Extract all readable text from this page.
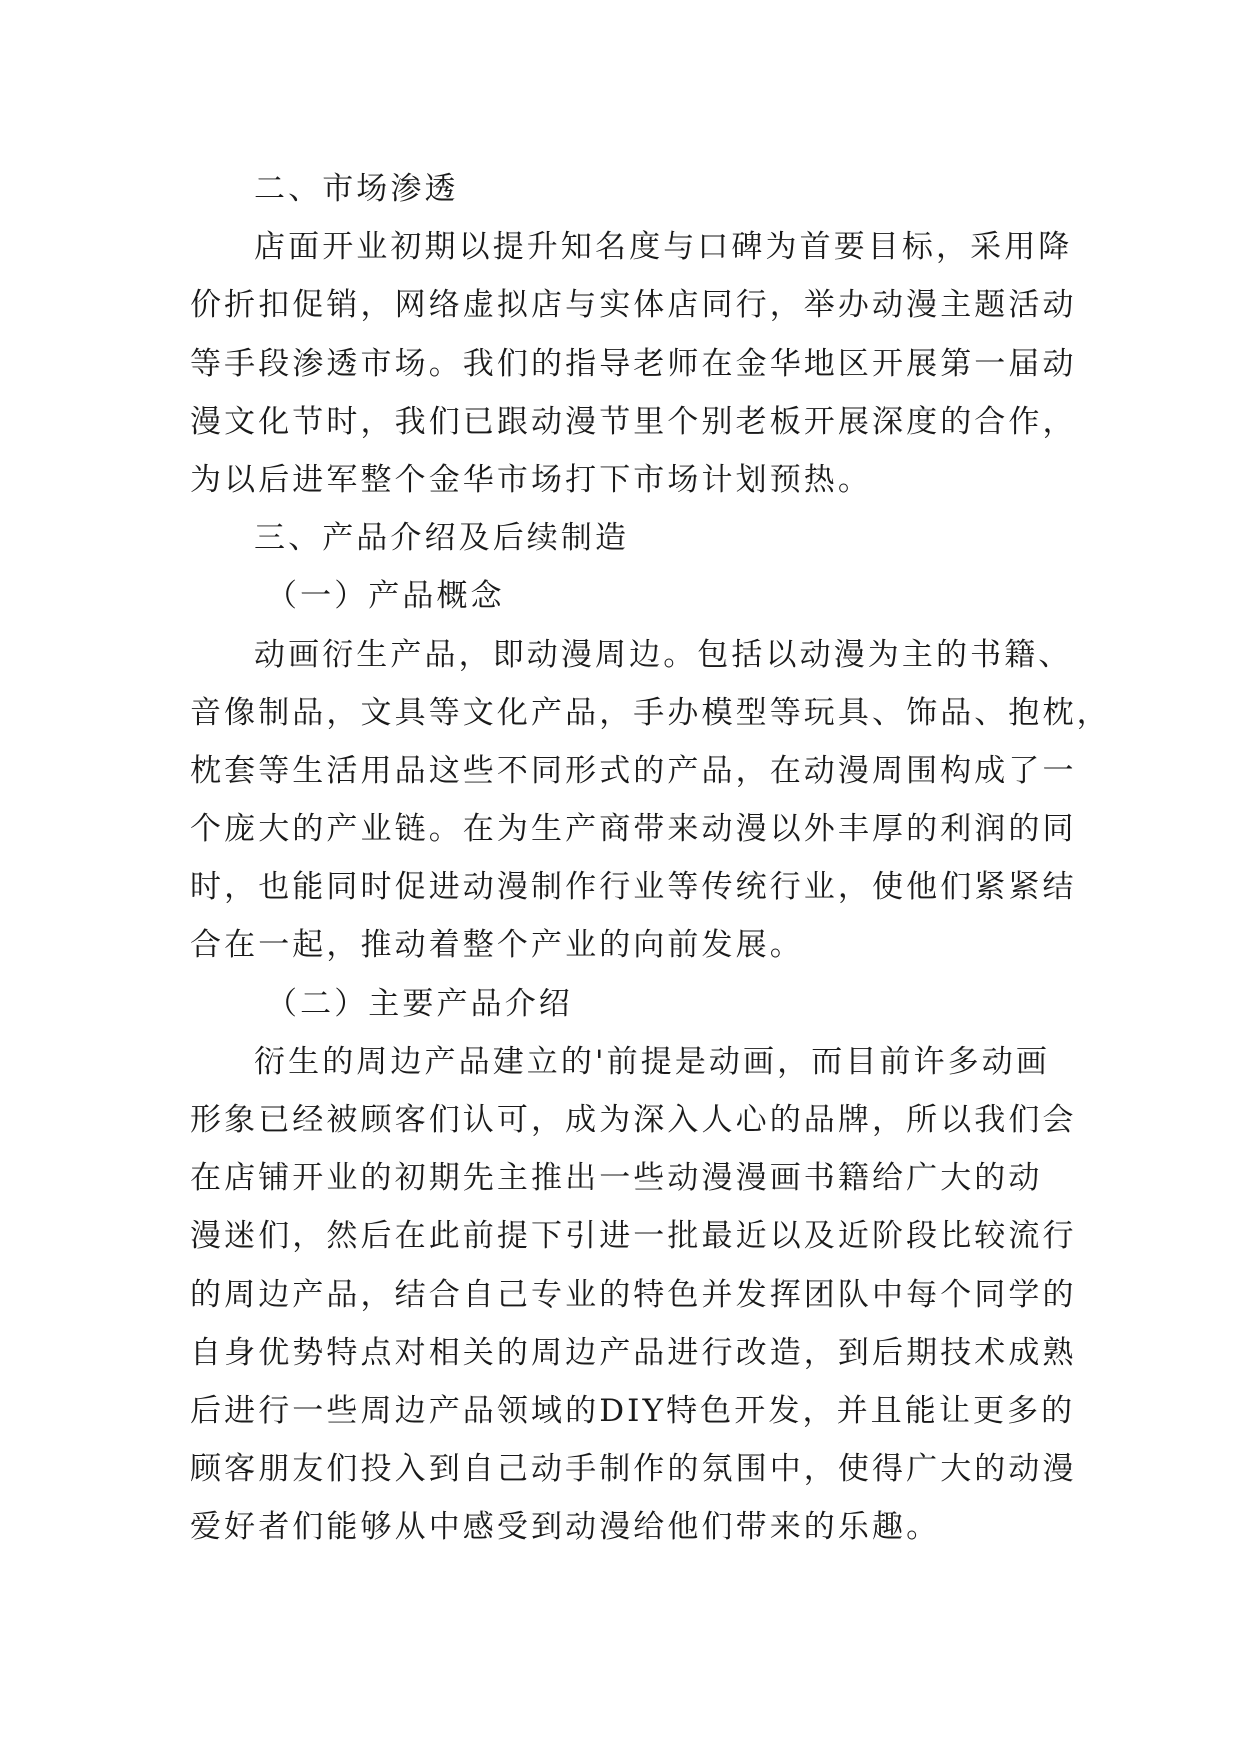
二、市场渗透
店面开业初期以提升知名度与口碑为首要目标，采用降
价折扣促销，网络虚拟店与实体店同行，举办动漫主题活动
等手段渗透市场。我们的指导老师在金华地区开展第一届动
漫文化节时，我们已跟动漫节里个别老板开展深度的合作，
为以后进军整个金华市场打下市场计划预热。
三、产品介绍及后续制造
（一）产品概念
动画衍生产品，即动漫周边。包括以动漫为主的书籍、
音像制品，文具等文化产品，手办模型等玩具、饰品、抱枕，
枕套等生活用品这些不同形式的产品，在动漫周围构成了一
个庞大的产业链。在为生产商带来动漫以外丰厚的利润的同
时，也能同时促进动漫制作行业等传统行业，使他们紧紧结
合在一起，推动着整个产业的向前发展。
（二）主要产品介绍
衍生的周边产品建立的'前提是动画，而目前许多动画
形象已经被顾客们认可，成为深入人心的品牌，所以我们会
在店铺开业的初期先主推出一些动漫漫画书籍给广大的动
漫迷们，然后在此前提下引进一批最近以及近阶段比较流行
的周边产品，结合自己专业的特色并发挥团队中每个同学的
自身优势特点对相关的周边产品进行改造，到后期技术成熟
后进行一些周边产品领域的DIY特色开发，并且能让更多的
顾客朋友们投入到自己动手制作的氛围中，使得广大的动漫
爱好者们能够从中感受到动漫给他们带来的乐趣。
